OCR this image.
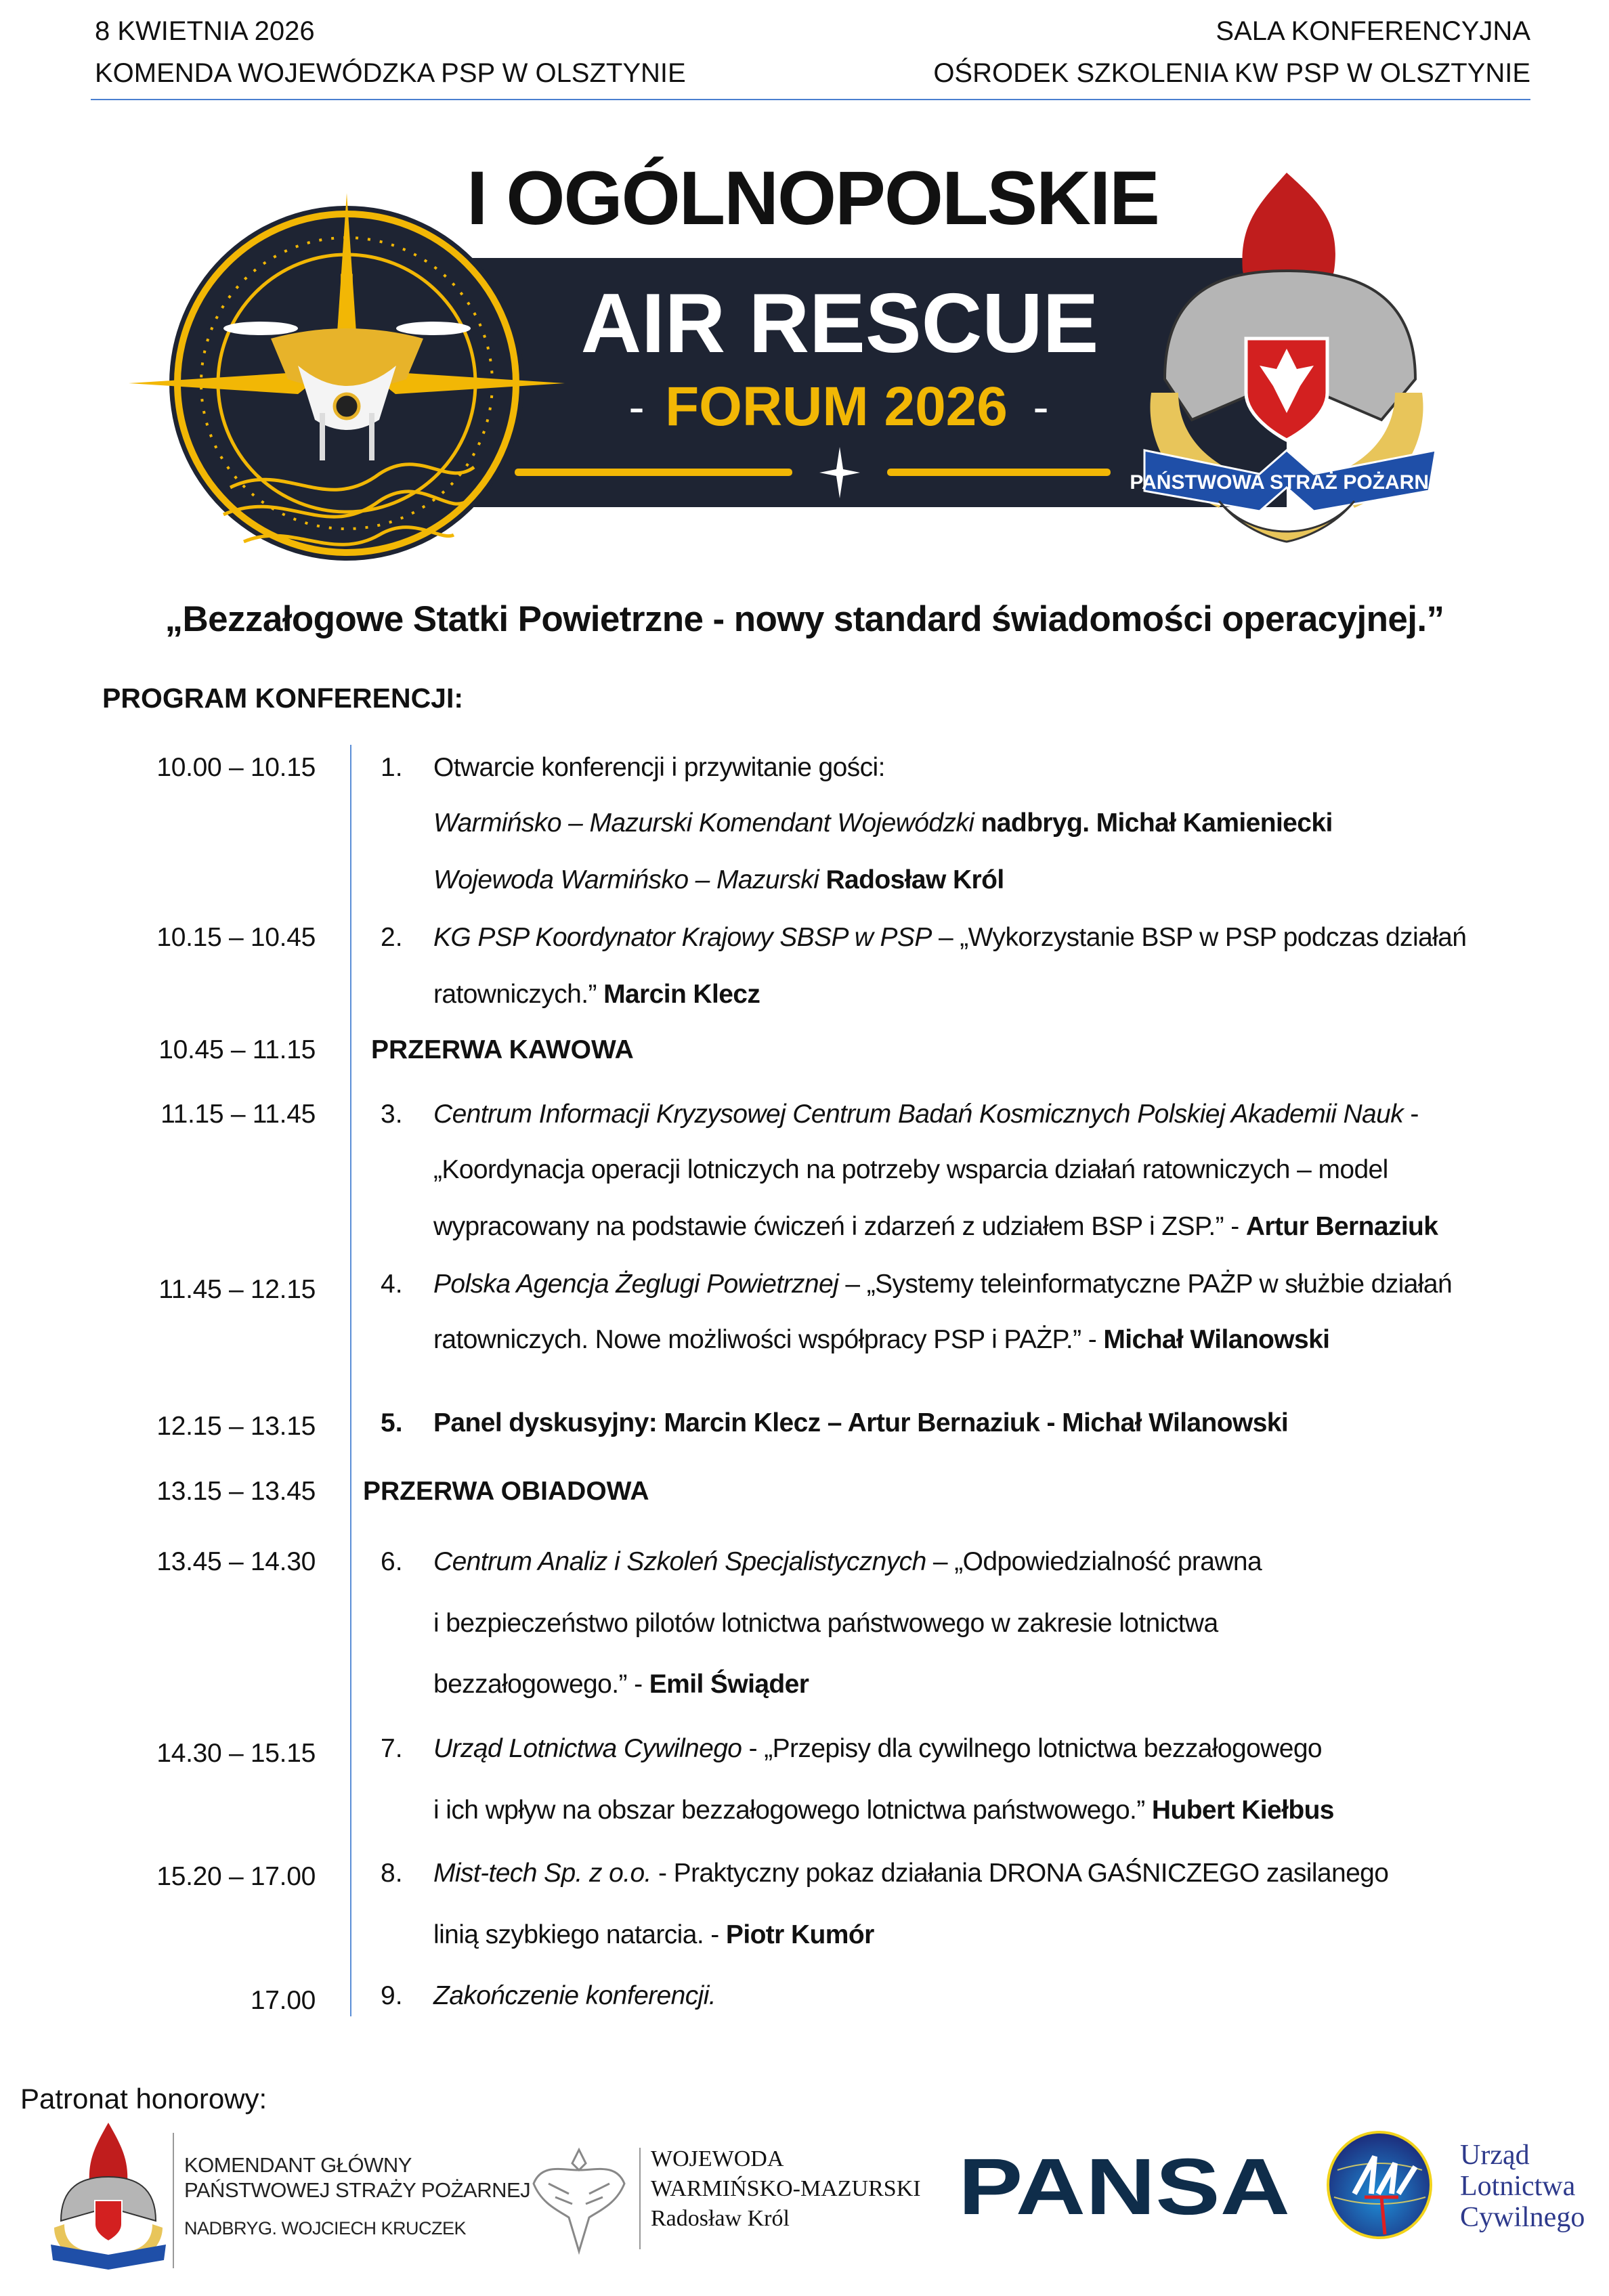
8 KWIETNIA 2026
KOMENDA WOJEWÓDZKA PSP W OLSZTYNIE
SALA KONFERENCYJNA
OŚRODEK SZKOLENIA KW PSP W OLSZTYNIE
I OGÓLNOPOLSKIE
AIR RESCUE
- FORUM 2026 -
N
PAŃSTWOWA STRAŻ POŻARNA
„Bezzałogowe Statki Powietrzne - nowy standard świadomości operacyjnej.”
PROGRAM KONFERENCJI:
10.00 – 10.15 1. Otwarcie konferencji i przywitanie gości:
Warmińsko – Mazurski Komendant Wojewódzki nadbryg. Michał Kamieniecki
Wojewoda Warmińsko – Mazurski Radosław Król
10.15 – 10.45 2. KG PSP Koordynator Krajowy SBSP w PSP – „Wykorzystanie BSP w PSP podczas działań
ratowniczych.” Marcin Klecz
10.45 – 11.15 PRZERWA KAWOWA
11.15 – 11.45 3. Centrum Informacji Kryzysowej Centrum Badań Kosmicznych Polskiej Akademii Nauk -
„Koordynacja operacji lotniczych na potrzeby wsparcia działań ratowniczych – model
wypracowany na podstawie ćwiczeń i zdarzeń z udziałem BSP i ZSP.” - Artur Bernaziuk
11.45 – 12.15 4. Polska Agencja Żeglugi Powietrznej – „Systemy teleinformatyczne PAŻP w służbie działań
ratowniczych. Nowe możliwości współpracy PSP i PAŻP.” - Michał Wilanowski
12.15 – 13.15 5. Panel dyskusyjny: Marcin Klecz – Artur Bernaziuk - Michał Wilanowski
13.15 – 13.45 PRZERWA OBIADOWA
13.45 – 14.30 6. Centrum Analiz i Szkoleń Specjalistycznych – „Odpowiedzialność prawna
i bezpieczeństwo pilotów lotnictwa państwowego w zakresie lotnictwa
bezzałogowego.” - Emil Świąder
14.30 – 15.15 7. Urząd Lotnictwa Cywilnego - „Przepisy dla cywilnego lotnictwa bezzałogowego
i ich wpływ na obszar bezzałogowego lotnictwa państwowego.” Hubert Kiełbus
15.20 – 17.00 8. Mist-tech Sp. z o.o. - Praktyczny pokaz działania DRONA GAŚNICZEGO zasilanego
linią szybkiego natarcia. - Piotr Kumór
17.00 9. Zakończenie konferencji.
Patronat honorowy:
KOMENDANT GŁÓWNY
PAŃSTWOWEJ STRAŻY POŻARNEJ
NADBRYG. WOJCIECH KRUCZEK
WOJEWODA
WARMIŃSKO-MAZURSKI
Radosław Król PANSA	Urząd
Lotnictwa
Cywilnego
